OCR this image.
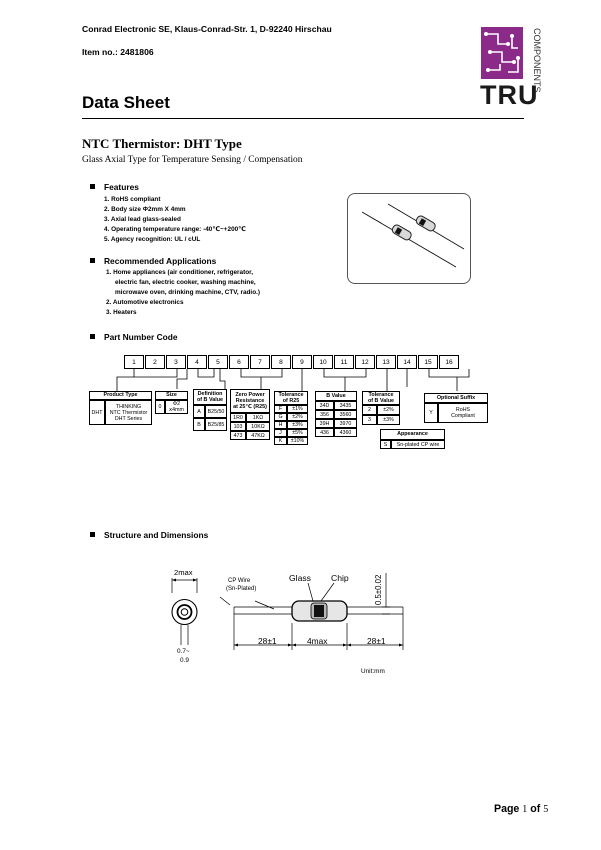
Conrad Electronic SE, Klaus-Conrad-Str. 1, D-92240 Hirschau
Item no.: 2481806	COMPONENTS
TRU
Data Sheet
NTC Thermistor: DHT Type
Glass Axial Type for Temperature Sensing / Compensation
Features
1. RoHS compliant
2. Body size Φ2mm X 4mm
3. Axial lead glass-sealed
4. Operating temperature range: -40℃~+200℃
5. Agency recognition: UL / cUL
Recommended Applications
1. Home appliances (air conditioner, refrigerator,
electric fan, electric cooker, washing machine,
microwave oven, drinking machine, CTV, radio.)
2. Automotive electronics
3. Heaters
Part Number Code
1	2	3	4	5	6	7	8	9	10	11	12	13	14	15	16
Product Type
DHT
THINKING
NTC Thermistor
DHT Series
Size
0	Φ2
ⅹ4mm
Definition
of B Value
A	B25/50
B	B25/85
Zero Power
Resistance
at 25℃ (R25)
1R0	1KΩ
103	10KΩ
473	47KΩ
Tolerance
of R25
F	±1%
G	±2%
H	±3%
J	±5%
K	±10%
B Value
34D	3435
356	3560
39H	3970
436	4360
Tolerance
of B Value
2	±2%
3	±3%
Appearance
S	Sn-plated CP wire
Optional Suffix
Y	RoHS
Compliant
Structure and Dimensions
2max
0.7~
0.9
CP Wire
(Sn-Plated)
Glass Chip	0.5±0.02
28±1	4max	28±1
Unit:mm
Page 1 of 5
